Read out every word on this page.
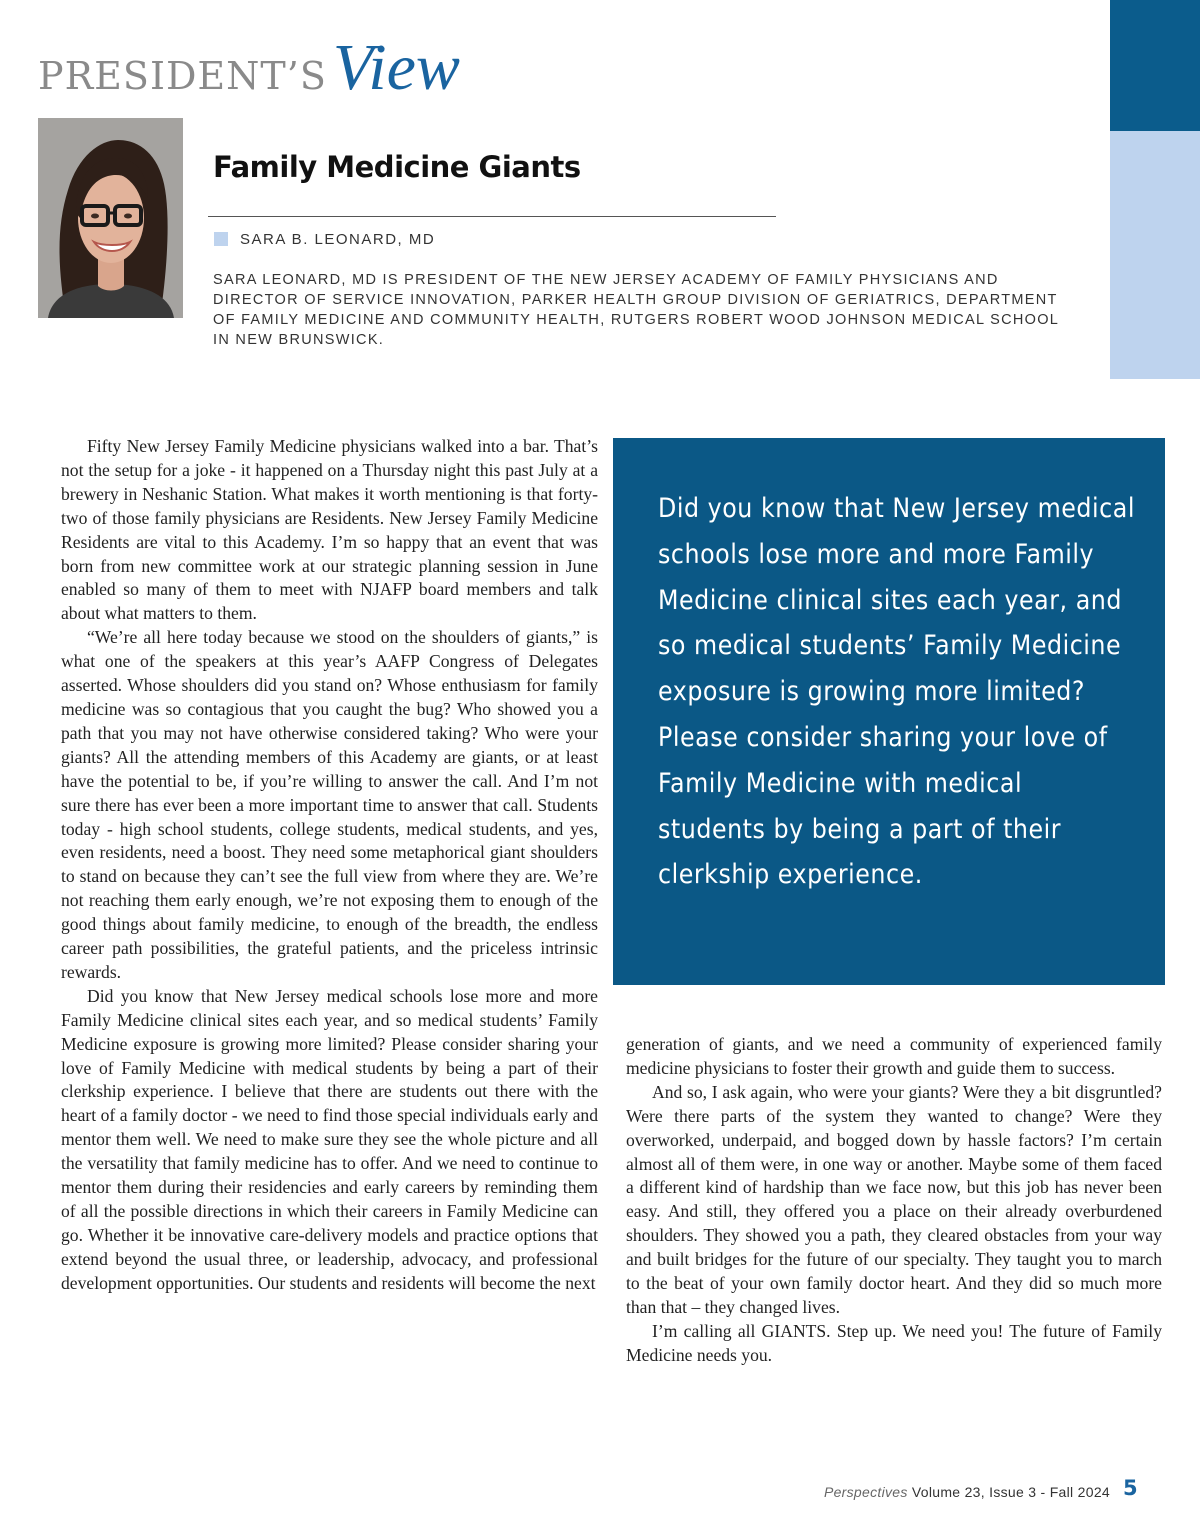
PRESIDENT’SView
Family Medicine Giants
SARA B. LEONARD, MD
SARA LEONARD, MD IS PRESIDENT OF THE NEW JERSEY ACADEMY OF FAMILY PHYSICIANS AND DIRECTOR OF SERVICE INNOVATION, PARKER HEALTH GROUP DIVISION OF GERIATRICS, DEPARTMENT OF FAMILY MEDICINE AND COMMUNITY HEALTH, RUTGERS ROBERT WOOD JOHNSON MEDICAL SCHOOL IN NEW BRUNSWICK.

Fifty New Jersey Family Medicine physicians walked into a bar. That’s not the setup for a joke - it happened on a Thursday night this past July at a brewery in Neshanic Station. What makes it worth mentioning is that forty-two of those family physicians are Residents. New Jersey Family Medicine Residents are vital to this Academy. I’m so happy that an event that was born from new committee work at our strategic planning session in June enabled so many of them to meet with NJAFP board members and talk about what matters to them.

“We’re all here today because we stood on the shoulders of giants,” is what one of the speakers at this year’s AAFP Congress of Delegates asserted. Whose shoulders did you stand on? Whose enthusiasm for family medicine was so contagious that you caught the bug? Who showed you a path that you may not have otherwise considered taking? Who were your giants? All the attending members of this Academy are giants, or at least have the potential to be, if you’re willing to answer the call. And I’m not sure there has ever been a more important time to answer that call. Students today - high school students, college students, medical students, and yes, even residents, need a boost. They need some metaphorical giant shoulders to stand on because they can’t see the full view from where they are. We’re not reaching them early enough, we’re not exposing them to enough of the good things about family medicine, to enough of the breadth, the endless career path possibilities, the grateful patients, and the priceless intrinsic rewards.

Did you know that New Jersey medical schools lose more and more Family Medicine clinical sites each year, and so medical students’ Family Medicine exposure is growing more limited? Please consider sharing your love of Family Medicine with medical students by being a part of their clerkship experience. I believe that there are students out there with the heart of a family doctor - we need to find those special individuals early and mentor them well. We need to make sure they see the whole picture and all the versatility that family medicine has to offer. And we need to continue to mentor them during their residencies and early careers by reminding them of all the possible directions in which their careers in Family Medicine can go. Whether it be innovative care-delivery models and practice options that extend beyond the usual three, or leadership, advocacy, and professional development opportunities. Our students and residents will become the next

Did you know that New Jersey medical schools lose more and more Family Medicine clinical sites each year, and so medical students’ Family Medicine exposure is growing more limited? Please consider sharing your love of Family Medicine with medical students by being a part of their clerkship experience.

generation of giants, and we need a community of experienced family medicine physicians to foster their growth and guide them to success.

And so, I ask again, who were your giants? Were they a bit disgruntled? Were there parts of the system they wanted to change? Were they overworked, underpaid, and bogged down by hassle factors? I’m certain almost all of them were, in one way or another. Maybe some of them faced a different kind of hardship than we face now, but this job has never been easy. And still, they offered you a place on their already overburdened shoulders. They showed you a path, they cleared obstacles from your way and built bridges for the future of our specialty. They taught you to march to the beat of your own family doctor heart. And they did so much more than that – they changed lives.

I’m calling all GIANTS. Step up. We need you! The future of Family Medicine needs you.

Perspectives Volume 23, Issue 3 - Fall 2024 5
